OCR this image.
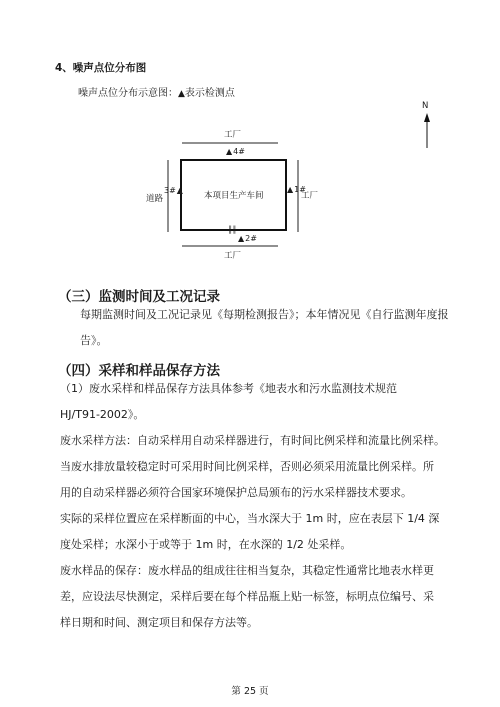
4、噪声点位分布图
噪声点位分布示意图：▲表示检测点
N
工厂
工厂
道路	工厂
本项目生产车间
▲ 4#
▲ 1#
3# ▲
▲ 2#
╢╟
（三）监测时间及工况记录
每期监测时间及工况记录见《每期检测报告》；本年情况见《自行监测年度报告》。
（四）采样和样品保存方法
（1）废水采样和样品保存方法具体参考《地表水和污水监测技术规范
HJ/T91-2002》。
废水采样方法：自动采样用自动采样器进行，有时间比例采样和流量比例采样。
当废水排放量较稳定时可采用时间比例采样，否则必须采用流量比例采样。所
用的自动采样器必须符合国家环境保护总局颁布的污水采样器技术要求。
实际的采样位置应在采样断面的中心，当水深大于 1m 时，应在表层下 1/4 深
度处采样；水深小于或等于 1m 时，在水深的 1/2 处采样。
废水样品的保存：废水样品的组成往往相当复杂，其稳定性通常比地表水样更
差，应设法尽快测定，采样后要在每个样品瓶上贴一标签，标明点位编号、采
样日期和时间、测定项目和保存方法等。
第 25 页
